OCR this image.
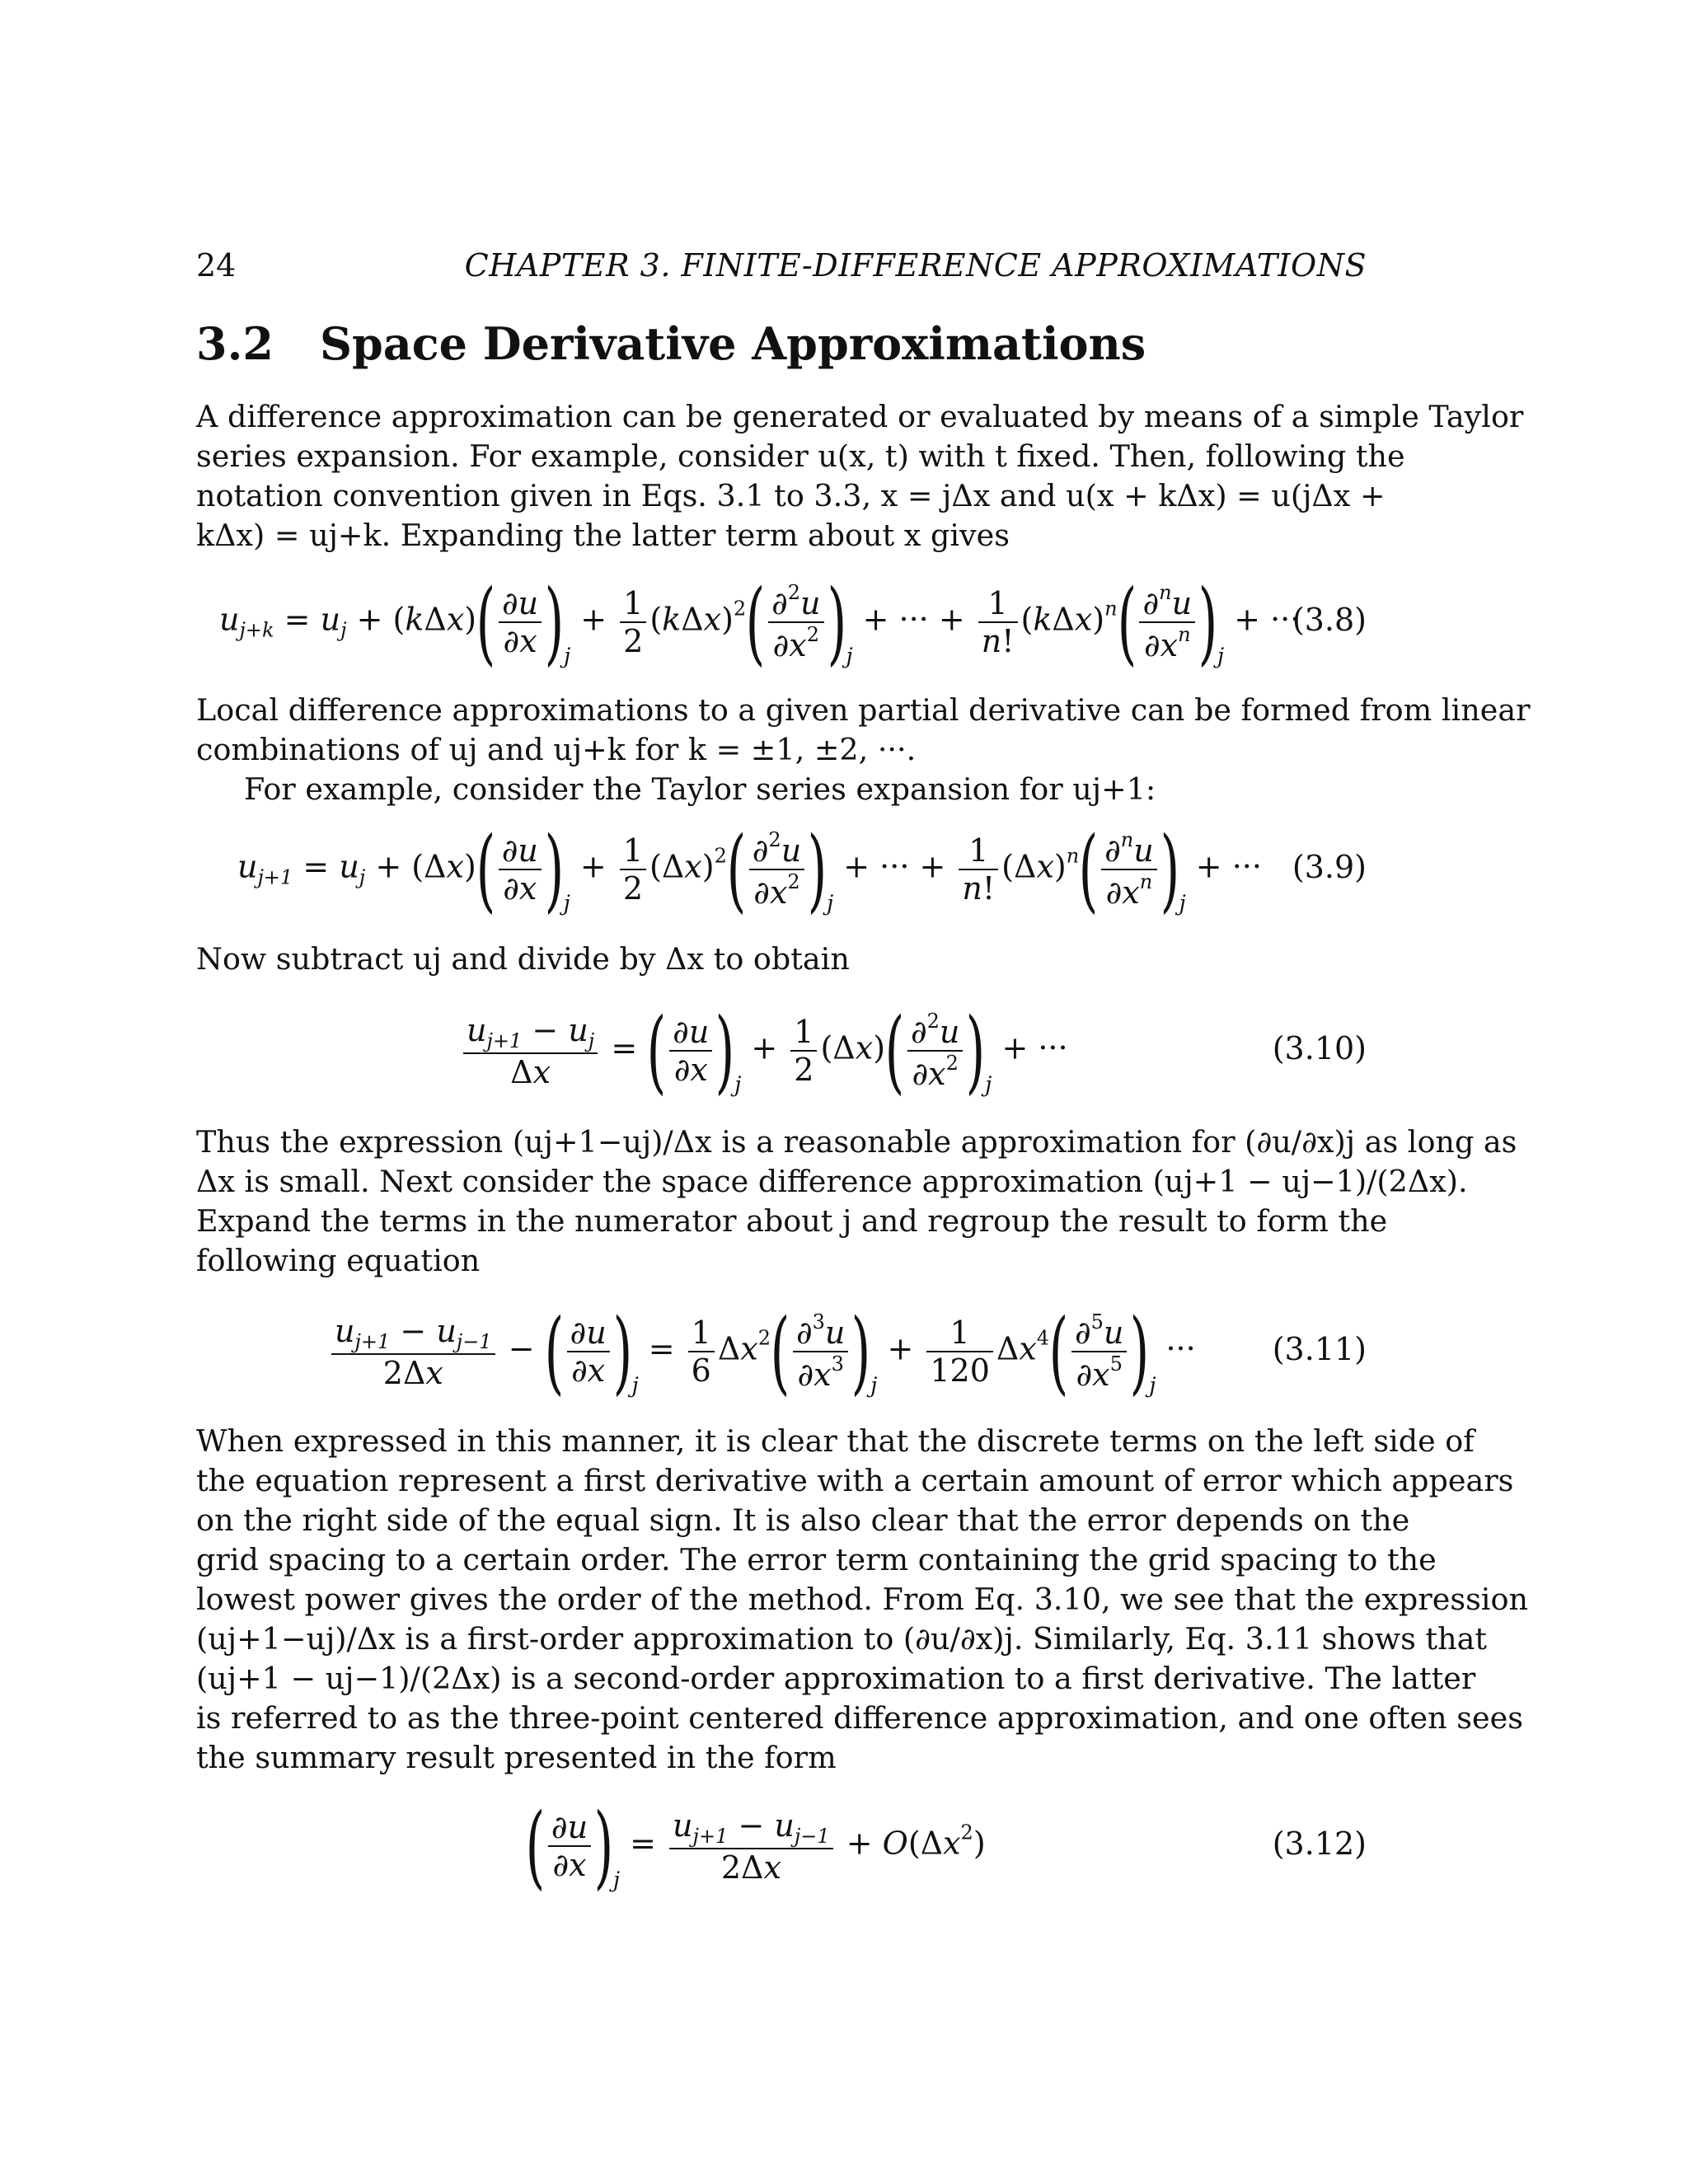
24	CHAPTER 3. FINITE-DIFFERENCE APPROXIMATIONS
3.2 Space Derivative Approximations
A difference approximation can be generated or evaluated by means of a simple Taylor
series expansion. For example, consider u(x, t) with t fixed. Then, following the
notation convention given in Eqs. 3.1 to 3.3, x = jΔx and u(x + kΔx) = u(jΔx +
kΔx) = uj+k. Expanding the latter term about x gives
$u_{j+k} = u_j + (k\Delta x)( \frac{\partial u}{\partial x} )_j + \frac{1}{2} (k\Delta x)^2( \frac{\partial^2u}{\partial x^2} )_j$ + ··· + $\frac{1}{n!} (k\Delta x)^n( \frac{\partial^nu}{\partial x^n} )_j$ + ···
(3.8)
Local difference approximations to a given partial derivative can be formed from linear
combinations of uj and uj+k for k = ±1, ±2, ···.
For example, consider the Taylor series expansion for uj+1:
$u_{j+1} = u_j + (\Delta x)( \frac{\partial u}{\partial x} )_j + \frac{1}{2} (\Delta x)^2( \frac{\partial^2u}{\partial x^2} )_j$ + ··· + $\frac{1}{n!} (\Delta x)^n( \frac{\partial^nu}{\partial x^n} )_j$ + ··· (3.9)
Now subtract uj and divide by Δx to obtain
$\frac{u_{j+1} - u_j}{\Delta x}$ = ( $\frac{\partial u}{\partial x} )_j + \frac{1}{2} (\Delta x)( \frac{\partial^2u}{\partial x^2} )_j$ + ···	(3.10)
Thus the expression (uj+1−uj)/Δx is a reasonable approximation for (∂u/∂x)j as long as
Δx is small. Next consider the space difference approximation (uj+1 − uj−1)/(2Δx).
Expand the terms in the numerator about j and regroup the result to form the
following equation
$\frac{u_{j+1} - u_{j-1}}{2\Delta x}$ − ( $\frac{\partial u}{\partial x} )_j = \frac{1}{6} \Delta x^2( \frac{\partial^3u}{\partial x^3} )_j + \frac{1}{120} \Delta x^4( \frac{\partial^5u}{\partial x^5} )_j$ ··· (3.11)
When expressed in this manner, it is clear that the discrete terms on the left side of
the equation represent a first derivative with a certain amount of error which appears
on the right side of the equal sign. It is also clear that the error depends on the
grid spacing to a certain order. The error term containing the grid spacing to the
lowest power gives the order of the method. From Eq. 3.10, we see that the expression
(uj+1−uj)/Δx is a first-order approximation to (∂u/∂x)j. Similarly, Eq. 3.11 shows that
(uj+1 − uj−1)/(2Δx) is a second-order approximation to a first derivative. The latter
is referred to as the three-point centered difference approximation, and one often sees
the summary result presented in the form
( $\frac{\partial u}{\partial x} )_j = \frac{u_{j+1} - u_{j-1}}{2\Delta x} + O(\Delta x^2)$	(3.12)
